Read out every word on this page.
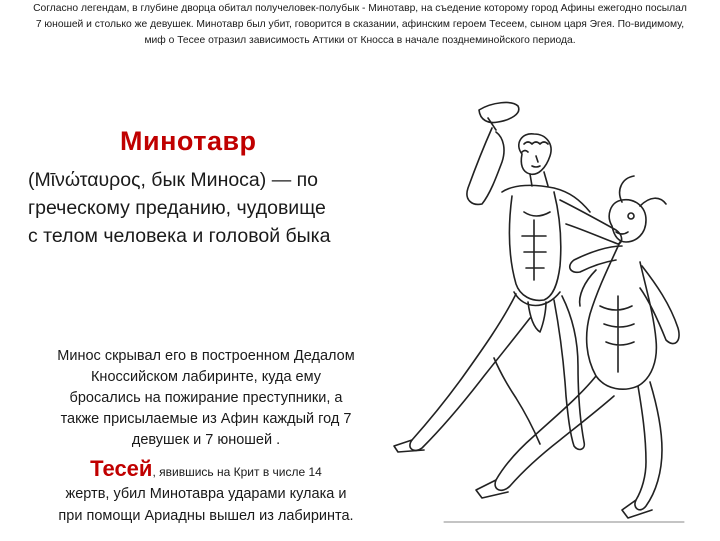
Согласно легендам, в глубине дворца обитал получеловек-полубык - Минотавр, на съедение которому город Афины ежегодно посылал
7 юношей и столько же девушек. Минотавр был убит, говорится в сказании, афинским героем Тесеем, сыном царя Эгея. По-видимому,
миф о Тесее отразил зависимость Аттики от Кносса в начале позднеминойского периода.
Минотавр
(Μῑνώταυρος, бык Миноса) — по
греческому преданию, чудовище
с телом человека и головой быка
Минос скрывал его в построенном Дедалом
Кноссийском лабиринте, куда ему
бросались на пожирание преступники, а
также присылаемые из Афин каждый год 7
девушек и 7 юношей .
Тесей, явившись на Крит в числе 14
жертв, убил Минотавра ударами кулака и
при помощи Ариадны вышел из лабиринта.
